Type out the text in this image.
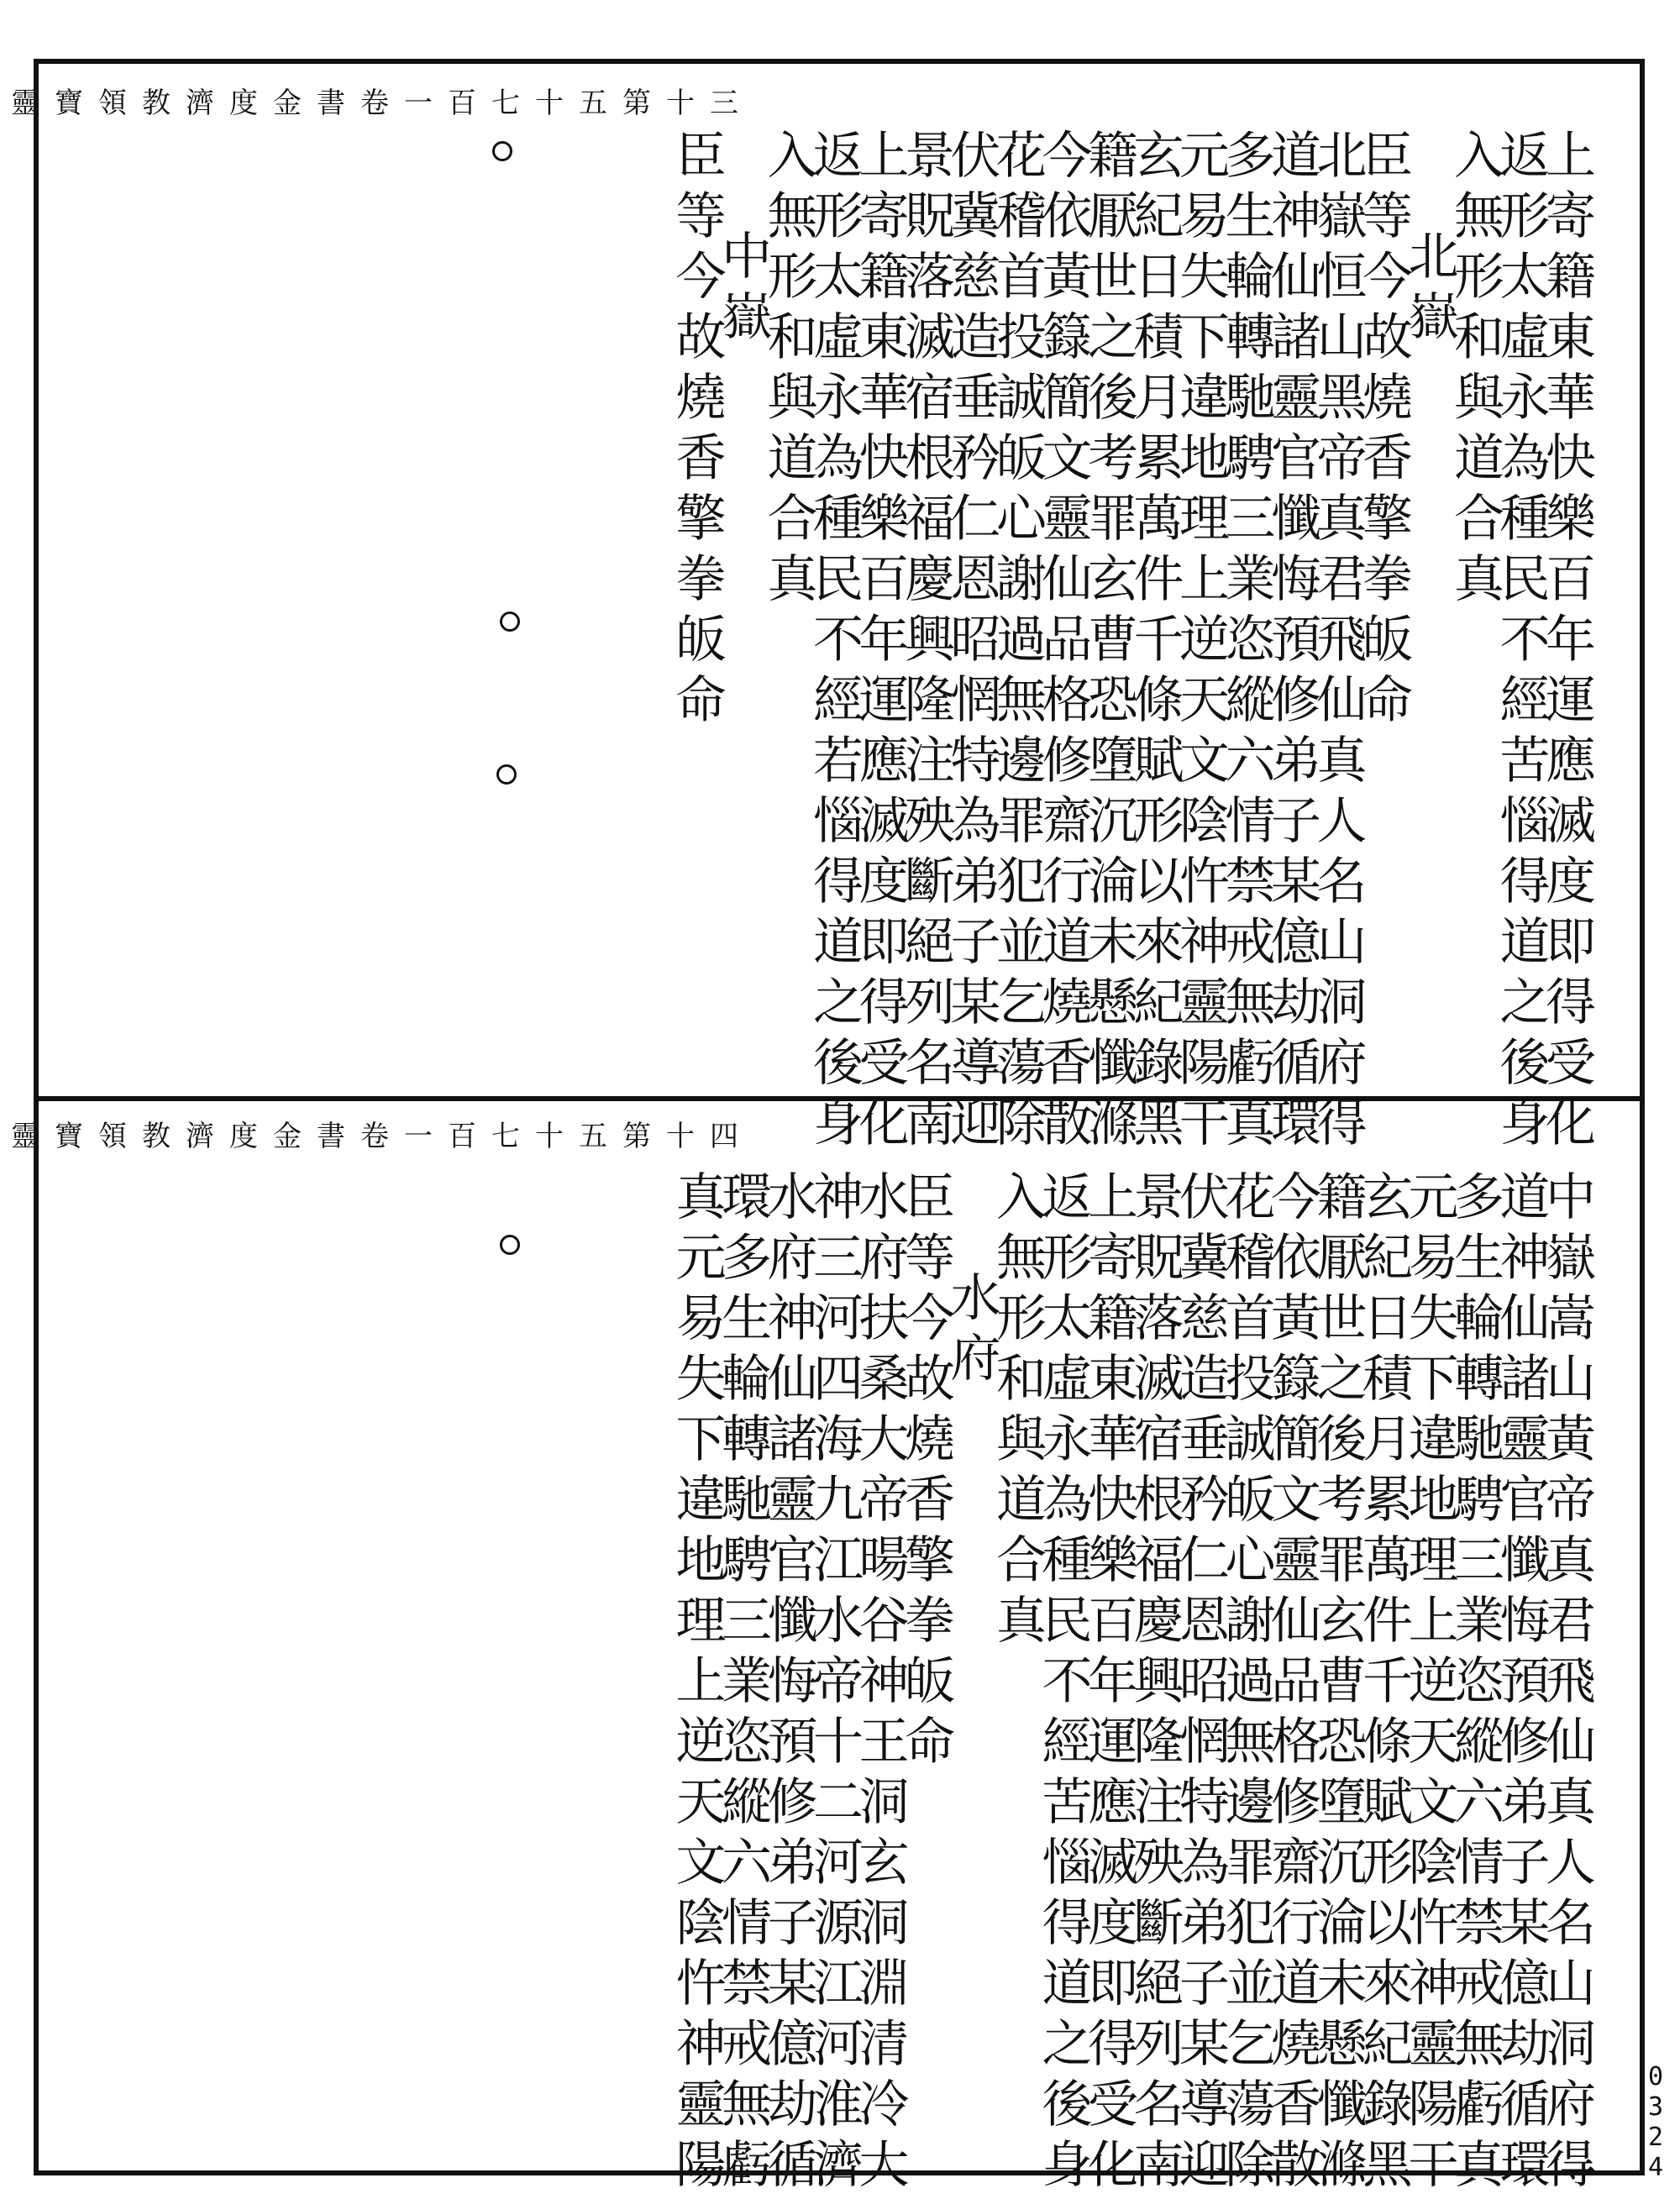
靈 寶 領 教 濟 度 金 書 卷 一 百 七 十 五 第 十 三
上
寄
籍
東
華
快
樂
百
年
運
應
滅
度
即
得
受
化
返
形
太
虛
永
為
種
民
不
經
苦
惱
得
道
之
後
身
入
無
形
和
與
道
合
真
北
嶽
臣
等
今
故
燒
香
擎
拳
皈
命
北
嶽
恒
山
黑
帝
真
君
飛
仙
真
人
名
山
洞
府
得
道
神
仙
諸
靈
官
懺
悔
預
修
弟
子
某
億
劫
循
環
多
生
輪
轉
馳
騁
三
業
恣
縱
六
情
禁
戒
無
虧
真
元
易
失
下
違
地
理
上
逆
天
文
陰
忤
神
靈
陽
干
玄
紀
日
積
月
累
萬
件
千
條
賦
形
以
來
紀
錄
黑
籍
厭
世
之
後
考
罪
玄
曹
恐
墮
沉
淪
未
懸
懺
滌
今
依
黃
籙
簡
文
靈
仙
品
格
修
齋
行
道
燒
香
散
花
稽
首
投
誠
皈
心
謝
過
無
邊
罪
犯
並
乞
蕩
除
伏
冀
慈
造
垂
矜
仁
恩
昭
惘
特
為
弟
子
某
導
迎
景
貺
落
滅
宿
根
福
慶
興
隆
注
殃
斷
絕
列
名
南
上
寄
籍
東
華
快
樂
百
年
運
應
滅
度
即
得
受
化
返
形
太
虛
永
為
種
民
不
經
若
惱
得
道
之
後
身
入
無
形
和
與
道
合
真
中
嶽
臣
等
今
故
燒
香
擎
拳
皈
命
靈 寶 領 教 濟 度 金 書 卷 一 百 七 十 五 第 十 四
中
嶽
嵩
山
黃
帝
真
君
飛
仙
真
人
名
山
洞
府
得
道
神
仙
諸
靈
官
懺
悔
預
修
弟
子
某
億
劫
循
環
多
生
輪
轉
馳
騁
三
業
恣
縱
六
情
禁
戒
無
虧
真
元
易
失
下
違
地
理
上
逆
天
文
陰
忤
神
靈
陽
干
玄
紀
日
積
月
累
萬
件
千
條
賦
形
以
來
紀
錄
黑
籍
厭
世
之
後
考
罪
玄
曹
恐
墮
沉
淪
未
懸
懺
滌
今
依
黃
籙
簡
文
靈
仙
品
格
修
齋
行
道
燒
香
散
花
稽
首
投
誠
皈
心
謝
過
無
邊
罪
犯
並
乞
蕩
除
伏
冀
慈
造
垂
矜
仁
恩
昭
惘
特
為
弟
子
某
導
迎
景
貺
落
滅
宿
根
福
慶
興
隆
注
殃
斷
絕
列
名
南
上
寄
籍
東
華
快
樂
百
年
運
應
滅
度
即
得
受
化
返
形
太
虛
永
為
種
民
不
經
苦
惱
得
道
之
後
身
入
無
形
和
與
道
合
真
水
府
臣
等
今
故
燒
香
擎
拳
皈
命
水
府
扶
桑
大
帝
暘
谷
神
王
洞
玄
洞
淵
清
冷
大
神
三
河
四
海
九
江
水
帝
十
二
河
源
江
河
淮
濟
水
府
神
仙
諸
靈
官
懺
悔
預
修
弟
子
某
億
劫
循
環
多
生
輪
轉
馳
騁
三
業
恣
縱
六
情
禁
戒
無
虧
真
元
易
失
下
違
地
理
上
逆
天
文
陰
忤
神
靈
陽
0
3
2
4
